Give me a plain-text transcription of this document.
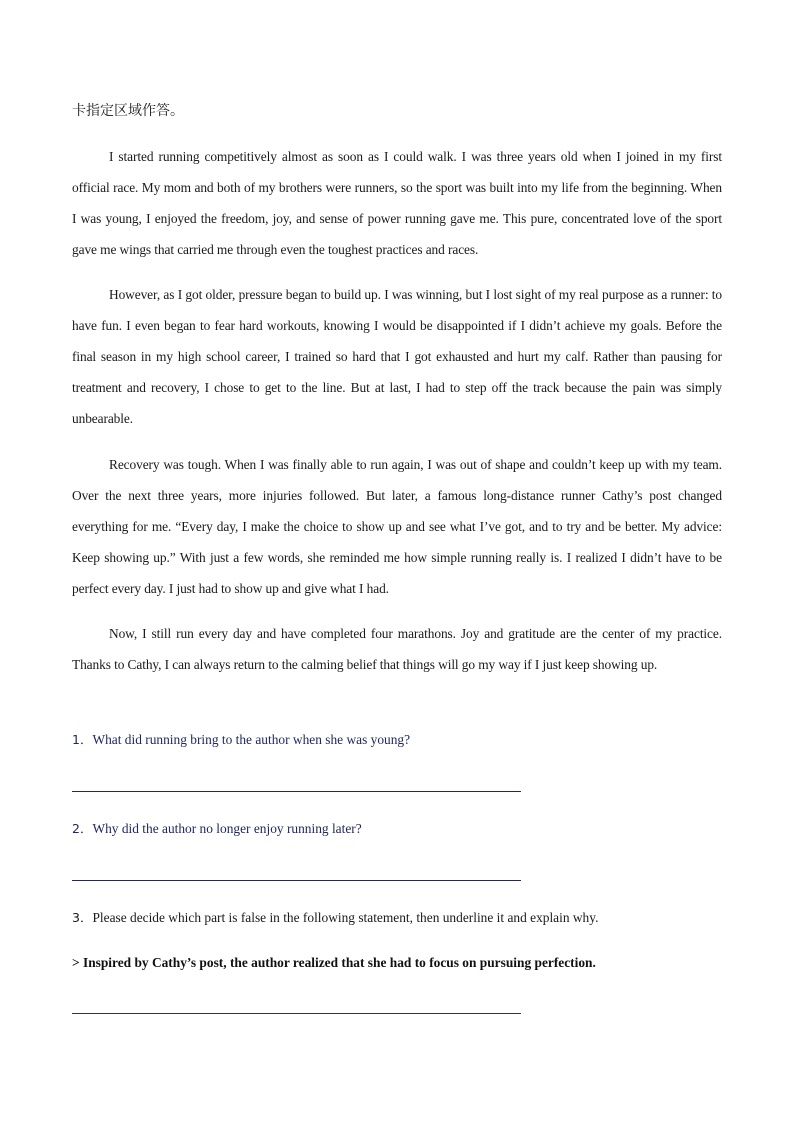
卡指定区域作答。

I started running competitively almost as soon as I could walk. I was three years old when I joined in my first official race. My mom and both of my brothers were runners, so the sport was built into my life from the beginning. When I was young, I enjoyed the freedom, joy, and sense of power running gave me. This pure, concentrated love of the sport gave me wings that carried me through even the toughest practices and races.

However, as I got older, pressure began to build up. I was winning, but I lost sight of my real purpose as a runner: to have fun. I even began to fear hard workouts, knowing I would be disappointed if I didn’t achieve my goals. Before the final season in my high school career, I trained so hard that I got exhausted and hurt my calf. Rather than pausing for treatment and recovery, I chose to get to the line. But at last, I had to step off the track because the pain was simply unbearable.

Recovery was tough. When I was finally able to run again, I was out of shape and couldn’t keep up with my team. Over the next three years, more injuries followed. But later, a famous long-distance runner Cathy’s post changed everything for me. “Every day, I make the choice to show up and see what I’ve got, and to try and be better. My advice: Keep showing up.” With just a few words, she reminded me how simple running really is. I realized I didn’t have to be perfect every day. I just had to show up and give what I had.

Now, I still run every day and have completed four marathons. Joy and gratitude are the center of my practice. Thanks to Cathy, I can always return to the calming belief that things will go my way if I just keep showing up.

1．What did running bring to the author when she was young?

2．Why did the author no longer enjoy running later?

3．Please decide which part is false in the following statement, then underline it and explain why.

> Inspired by Cathy’s post, the author realized that she had to focus on pursuing perfection.
